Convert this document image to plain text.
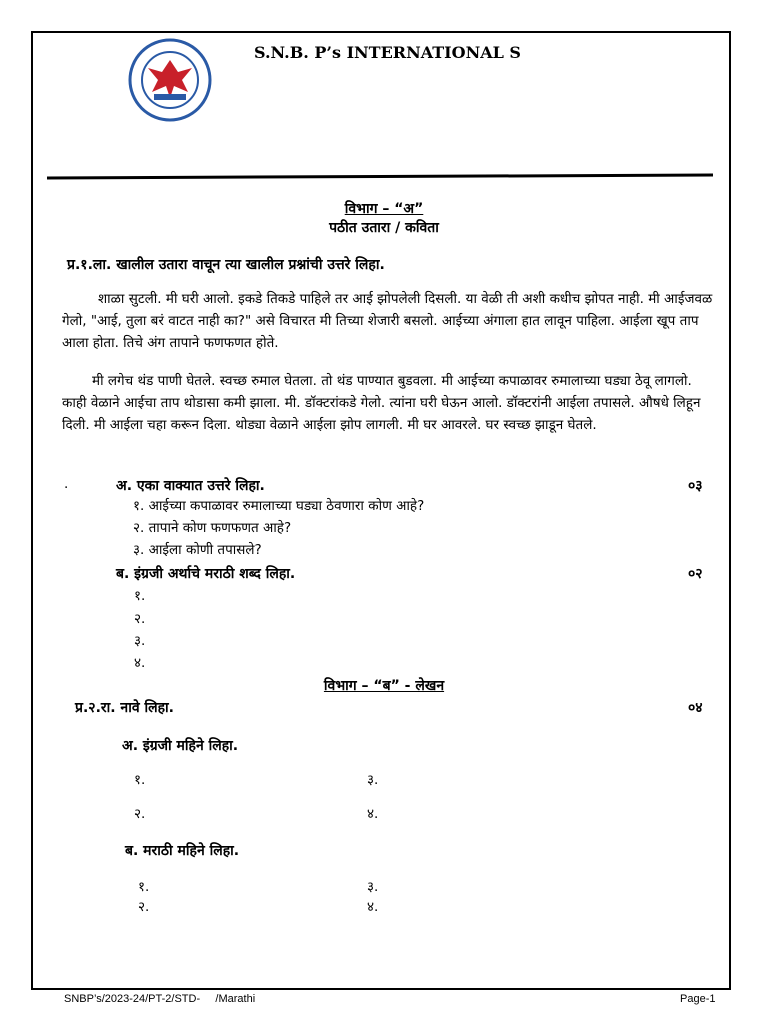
S.N.B. P’s INTERNATIONAL S
विभाग – “अ”
पठीत उतारा / कविता
प्र.१.ला. खालील उतारा वाचून त्या खालील प्रश्नांची उत्तरे लिहा.
शाळा सुटली. मी घरी आलो. इकडे तिकडे पाहिले तर आई झोपलेली दिसली. या वेळी ती अशी कधीच झोपत नाही. मी आईजवळ गेलो, "आई, तुला बरं वाटत नाही का?" असे विचारत मी तिच्या शेजारी बसलो. आईच्या अंगाला हात लावून पाहिला. आईला खूप ताप आला होता. तिचे अंग तापाने फणफणत होते.
मी लगेच थंड पाणी घेतले. स्वच्छ रुमाल घेतला. तो थंड पाण्यात बुडवला. मी आईच्या कपाळावर रुमालाच्या घड्या ठेवू लागलो. काही वेळाने आईचा ताप थोडासा कमी झाला. मी. डॉक्टरांकडे गेलो. त्यांना घरी घेऊन आलो. डॉक्टरांनी आईला तपासले. औषधे लिहून दिली. मी आईला चहा करून दिला. थोड्या वेळाने आईला झोप लागली. मी घर आवरले. घर स्वच्छ झाडून घेतले.
.	अ. एका वाक्यात उत्तरे लिहा.	०३
१. आईच्या कपाळावर रुमालाच्या घड्या ठेवणारा कोण आहे?
२. तापाने कोण फणफणत आहे?
३. आईला कोणी तपासले?
ब. इंग्रजी अर्थाचे मराठी शब्द लिहा.	०२
१.
२.
३.
४.
विभाग – “ब” - लेखन
प्र.२.रा. नावे लिहा.	०४
अ. इंग्रजी महिने लिहा.
१.	३.
२.	४.
ब. मराठी महिने लिहा.
१.	३.
२.	४.
SNBP’s/2023-24/PT-2/STD-     /Marathi	Page-1
